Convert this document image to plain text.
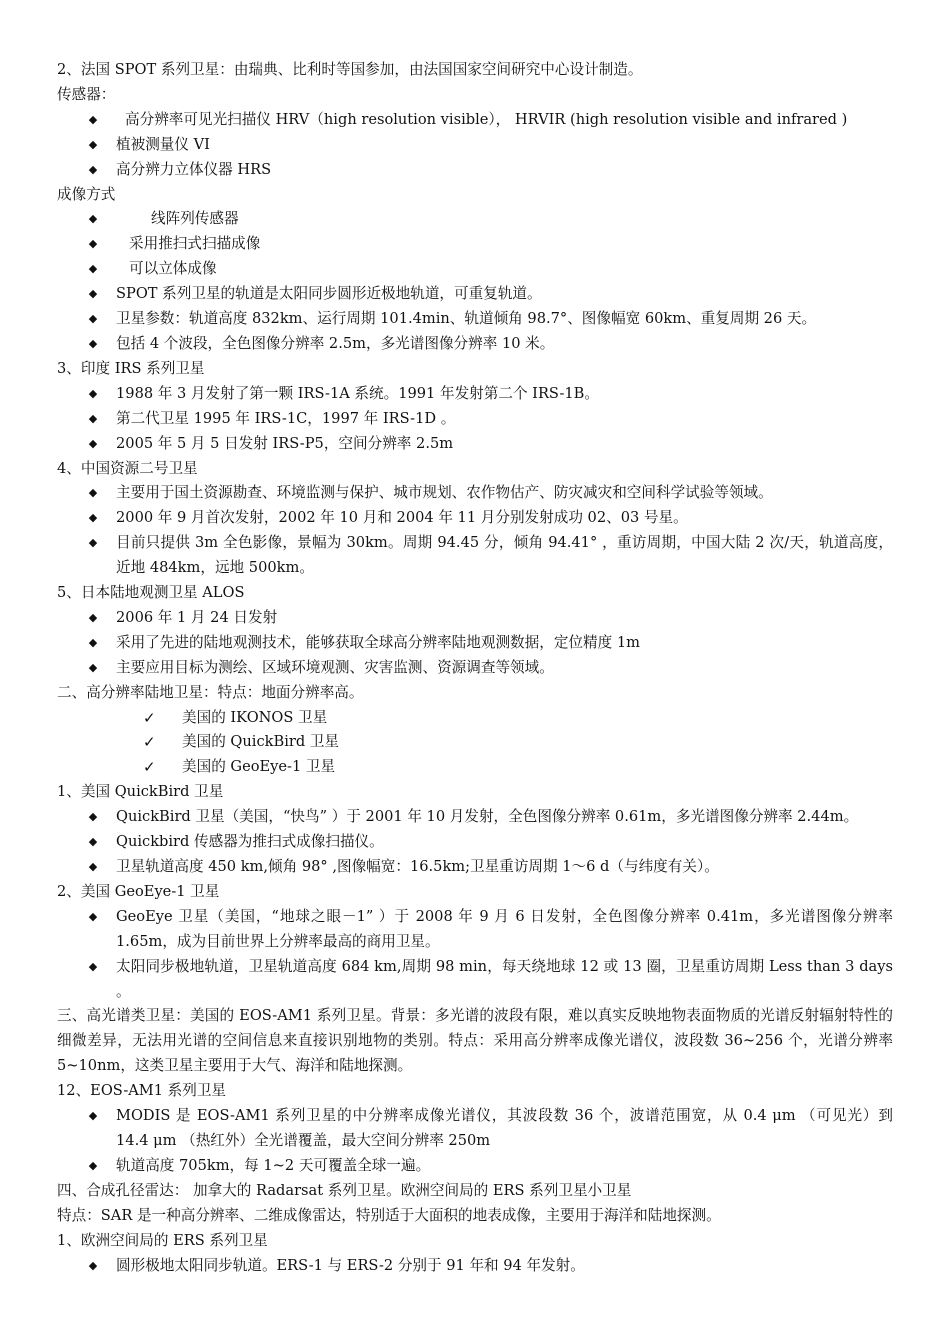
2、法国 SPOT 系列卫星：由瑞典、比利时等国参加，由法国国家空间研究中心设计制造。
传感器：
◆ 高分辨率可见光扫描仪 HRV（high resolution visible）， HRVIR (high resolution visible and infrared )
◆ 植被测量仪 VI
◆ 高分辨力立体仪器 HRS
成像方式
◆	线阵列传感器
◆ 采用推扫式扫描成像
◆ 可以立体成像
◆ SPOT 系列卫星的轨道是太阳同步圆形近极地轨道，可重复轨道。
◆ 卫星参数：轨道高度 832km、运行周期 101.4min、轨道倾角 98.7°、图像幅宽 60km、重复周期 26 天。
◆ 包括 4 个波段，全色图像分辨率 2.5m，多光谱图像分辨率 10 米。
3、印度 IRS 系列卫星
◆ 1988 年 3 月发射了第一颗 IRS-1A 系统。1991 年发射第二个 IRS-1B。
◆ 第二代卫星 1995 年 IRS-1C，1997 年 IRS-1D 。
◆ 2005 年 5 月 5 日发射 IRS-P5，空间分辨率 2.5m
4、中国资源二号卫星
◆ 主要用于国土资源勘查、环境监测与保护、城市规划、农作物估产、防灾减灾和空间科学试验等领域。
◆ 2000 年 9 月首次发射，2002 年 10 月和 2004 年 11 月分别发射成功 02、03 号星。
◆ 目前只提供 3m 全色影像，景幅为 30km。周期 94.45 分，倾角 94.41° ，重访周期，中国大陆 2 次/天，轨道高度，近地 484km，远地 500km。
5、日本陆地观测卫星 ALOS
◆ 2006 年 1 月 24 日发射
◆ 采用了先进的陆地观测技术，能够获取全球高分辨率陆地观测数据，定位精度 1m
◆ 主要应用目标为测绘、区域环境观测、灾害监测、资源调查等领域。
二、高分辨率陆地卫星：特点：地面分辨率高。
✓ 美国的 IKONOS 卫星
✓ 美国的 QuickBird 卫星
✓ 美国的 GeoEye-1 卫星
1、美国 QuickBird 卫星
◆ QuickBird 卫星（美国，“快鸟” ）于 2001 年 10 月发射，全色图像分辨率 0.61m，多光谱图像分辨率 2.44m。
◆ Quickbird 传感器为推扫式成像扫描仪。
◆ 卫星轨道高度 450 km,倾角 98° ,图像幅宽：16.5km;卫星重访周期 1～6 d（与纬度有关）。
2、美国 GeoEye-1 卫星
◆ GeoEye 卫星（美国，“地球之眼－1” ）于 2008 年 9 月 6 日发射，全色图像分辨率 0.41m，多光谱图像分辨率 1.65m，成为目前世界上分辨率最高的商用卫星。
◆ 太阳同步极地轨道，卫星轨道高度 684 km,周期 98 min，每天绕地球 12 或 13 圈，卫星重访周期 Less than 3 days 。
三、高光谱类卫星：美国的 EOS-AM1 系列卫星。背景：多光谱的波段有限，难以真实反映地物表面物质的光谱反射辐射特性的细微差异，无法用光谱的空间信息来直接识别地物的类别。特点：采用高分辨率成像光谱仪，波段数 36~256 个，光谱分辨率 5~10nm，这类卫星主要用于大气、海洋和陆地探测。
12、EOS-AM1 系列卫星
◆ MODIS 是 EOS-AM1 系列卫星的中分辨率成像光谱仪，其波段数 36 个，波谱范围宽，从 0.4 μm （可见光）到 14.4 μm （热红外）全光谱覆盖，最大空间分辨率 250m
◆ 轨道高度 705km，每 1~2 天可覆盖全球一遍。
四、合成孔径雷达： 加拿大的 Radarsat 系列卫星。欧洲空间局的 ERS 系列卫星小卫星
特点：SAR 是一种高分辨率、二维成像雷达，特别适于大面积的地表成像，主要用于海洋和陆地探测。
1、欧洲空间局的 ERS 系列卫星
◆ 圆形极地太阳同步轨道。ERS-1 与 ERS-2 分别于 91 年和 94 年发射。
